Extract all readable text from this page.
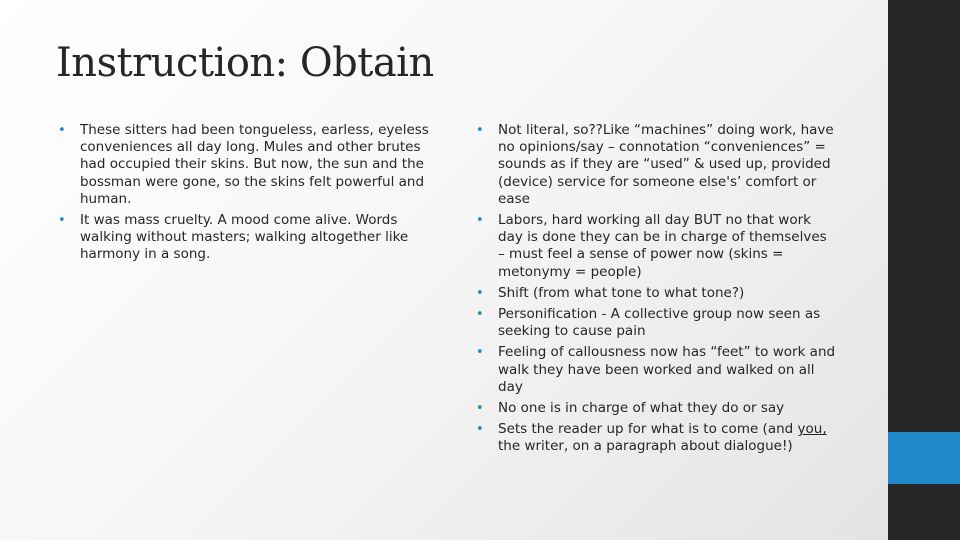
Instruction: Obtain
• These sitters had been tongueless, earless, eyeless conveniences all day long. Mules and other brutes had occupied their skins. But now, the sun and the bossman were gone, so the skins felt powerful and human.
• It was mass cruelty. A mood come alive. Words walking without masters; walking altogether like harmony in a song.
• Not literal, so??Like “machines” doing work, have no opinions/say – connotation “conveniences” = sounds as if they are “used” & used up, provided (device) service for someone else's’ comfort or ease
• Labors, hard working all day BUT no that work day is done they can be in charge of themselves – must feel a sense of power now (skins = metonymy = people)
• Shift (from what tone to what tone?)
• Personification - A collective group now seen as seeking to cause pain
• Feeling of callousness now has “feet” to work and walk they have been worked and walked on all day
• No one is in charge of what they do or say
• Sets the reader up for what is to come (and you, the writer, on a paragraph about dialogue!)
